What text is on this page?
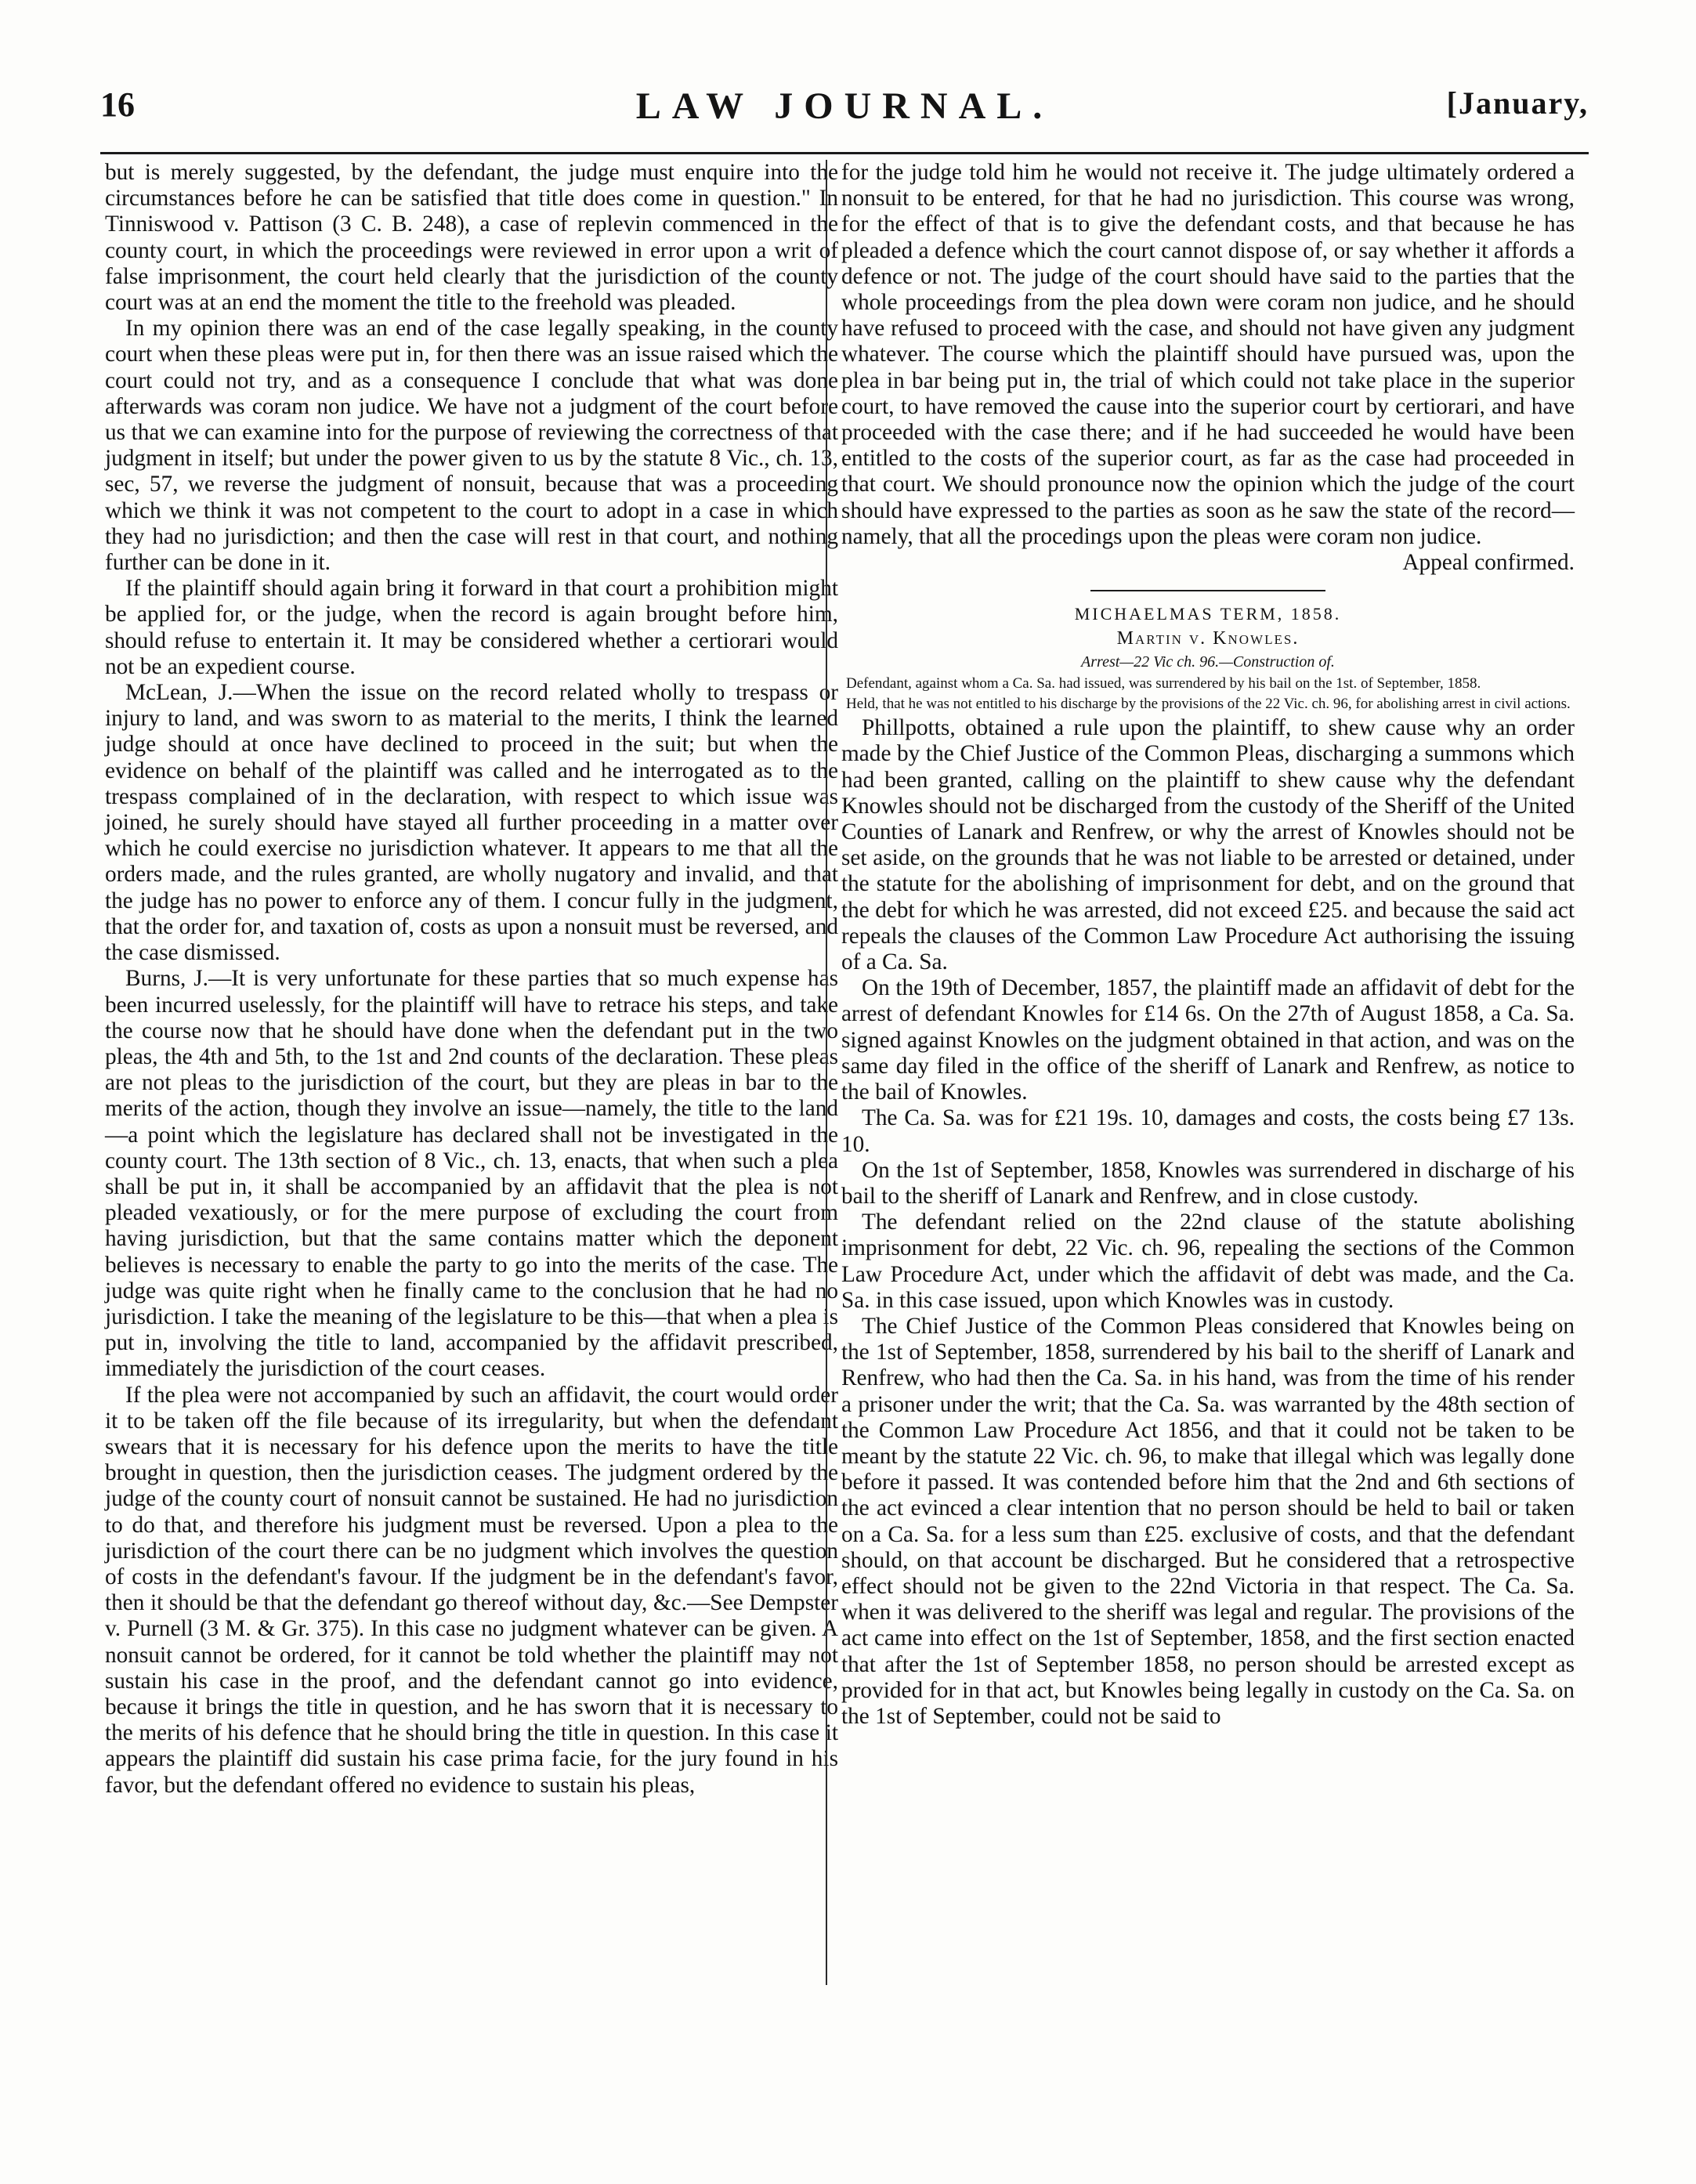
16	LAW JOURNAL.	[January,

but is merely suggested, by the defendant, the judge must enquire into the circumstances before he can be satisfied that title does come in question." In Tinniswood v. Pattison (3 C. B. 248), a case of replevin commenced in the county court, in which the proceedings were reviewed in error upon a writ of false imprisonment, the court held clearly that the jurisdiction of the county court was at an end the moment the title to the freehold was pleaded.

In my opinion there was an end of the case legally speaking, in the county court when these pleas were put in, for then there was an issue raised which the court could not try, and as a consequence I conclude that what was done afterwards was coram non judice. We have not a judgment of the court before us that we can examine into for the purpose of reviewing the correctness of that judgment in itself; but under the power given to us by the statute 8 Vic., ch. 13, sec, 57, we reverse the judgment of nonsuit, because that was a proceeding which we think it was not competent to the court to adopt in a case in which they had no jurisdiction; and then the case will rest in that court, and nothing further can be done in it.

If the plaintiff should again bring it forward in that court a prohibition might be applied for, or the judge, when the record is again brought before him, should refuse to entertain it. It may be considered whether a certiorari would not be an expedient course.

McLean, J.—When the issue on the record related wholly to trespass or injury to land, and was sworn to as material to the merits, I think the learned judge should at once have declined to proceed in the suit; but when the evidence on behalf of the plaintiff was called and he interrogated as to the trespass complained of in the declaration, with respect to which issue was joined, he surely should have stayed all further proceeding in a matter over which he could exercise no jurisdiction whatever. It appears to me that all the orders made, and the rules granted, are wholly nugatory and invalid, and that the judge has no power to enforce any of them. I concur fully in the judgment, that the order for, and taxation of, costs as upon a nonsuit must be reversed, and the case dismissed.

Burns, J.—It is very unfortunate for these parties that so much expense has been incurred uselessly, for the plaintiff will have to retrace his steps, and take the course now that he should have done when the defendant put in the two pleas, the 4th and 5th, to the 1st and 2nd counts of the declaration. These pleas are not pleas to the jurisdiction of the court, but they are pleas in bar to the merits of the action, though they involve an issue—namely, the title to the land—a point which the legislature has declared shall not be investigated in the county court. The 13th section of 8 Vic., ch. 13, enacts, that when such a plea shall be put in, it shall be accompanied by an affidavit that the plea is not pleaded vexatiously, or for the mere purpose of excluding the court from having jurisdiction, but that the same contains matter which the deponent believes is necessary to enable the party to go into the merits of the case. The judge was quite right when he finally came to the conclusion that he had no jurisdiction. I take the meaning of the legislature to be this—that when a plea is put in, involving the title to land, accompanied by the affidavit prescribed, immediately the jurisdiction of the court ceases.

If the plea were not accompanied by such an affidavit, the court would order it to be taken off the file because of its irregularity, but when the defendant swears that it is necessary for his defence upon the merits to have the title brought in question, then the jurisdiction ceases. The judgment ordered by the judge of the county court of nonsuit cannot be sustained. He had no jurisdiction to do that, and therefore his judgment must be reversed. Upon a plea to the jurisdiction of the court there can be no judgment which involves the question of costs in the defendant's favour. If the judgment be in the defendant's favor, then it should be that the defendant go thereof without day, &c.—See Dempster v. Purnell (3 M. & Gr. 375). In this case no judgment whatever can be given. A nonsuit cannot be ordered, for it cannot be told whether the plaintiff may not sustain his case in the proof, and the defendant cannot go into evidence, because it brings the title in question, and he has sworn that it is necessary to the merits of his defence that he should bring the title in question. In this case it appears the plaintiff did sustain his case prima facie, for the jury found in his favor, but the defendant offered no evidence to sustain his pleas,

for the judge told him he would not receive it. The judge ultimately ordered a nonsuit to be entered, for that he had no jurisdiction. This course was wrong, for the effect of that is to give the defendant costs, and that because he has pleaded a defence which the court cannot dispose of, or say whether it affords a defence or not. The judge of the court should have said to the parties that the whole proceedings from the plea down were coram non judice, and he should have refused to proceed with the case, and should not have given any judgment whatever. The course which the plaintiff should have pursued was, upon the plea in bar being put in, the trial of which could not take place in the superior court, to have removed the cause into the superior court by certiorari, and have proceeded with the case there; and if he had succeeded he would have been entitled to the costs of the superior court, as far as the case had proceeded in that court. We should pronounce now the opinion which the judge of the court should have expressed to the parties as soon as he saw the state of the record—namely, that all the procedings upon the pleas were coram non judice.

Appeal confirmed.

MICHAELMAS TERM, 1858.
Martin v. Knowles.
Arrest—22 Vic ch. 96.—Construction of.
Defendant, against whom a Ca. Sa. had issued, was surrendered by his bail on the 1st. of September, 1858.
Held, that he was not entitled to his discharge by the provisions of the 22 Vic. ch. 96, for abolishing arrest in civil actions.

Phillpotts, obtained a rule upon the plaintiff, to shew cause why an order made by the Chief Justice of the Common Pleas, discharging a summons which had been granted, calling on the plaintiff to shew cause why the defendant Knowles should not be discharged from the custody of the Sheriff of the United Counties of Lanark and Renfrew, or why the arrest of Knowles should not be set aside, on the grounds that he was not liable to be arrested or detained, under the statute for the abolishing of imprisonment for debt, and on the ground that the debt for which he was arrested, did not exceed £25. and because the said act repeals the clauses of the Common Law Procedure Act authorising the issuing of a Ca. Sa.

On the 19th of December, 1857, the plaintiff made an affidavit of debt for the arrest of defendant Knowles for £14 6s. On the 27th of August 1858, a Ca. Sa. signed against Knowles on the judgment obtained in that action, and was on the same day filed in the office of the sheriff of Lanark and Renfrew, as notice to the bail of Knowles.

The Ca. Sa. was for £21 19s. 10, damages and costs, the costs being £7 13s. 10.

On the 1st of September, 1858, Knowles was surrendered in discharge of his bail to the sheriff of Lanark and Renfrew, and in close custody.

The defendant relied on the 22nd clause of the statute abolishing imprisonment for debt, 22 Vic. ch. 96, repealing the sections of the Common Law Procedure Act, under which the affidavit of debt was made, and the Ca. Sa. in this case issued, upon which Knowles was in custody.

The Chief Justice of the Common Pleas considered that Knowles being on the 1st of September, 1858, surrendered by his bail to the sheriff of Lanark and Renfrew, who had then the Ca. Sa. in his hand, was from the time of his render a prisoner under the writ; that the Ca. Sa. was warranted by the 48th section of the Common Law Procedure Act 1856, and that it could not be taken to be meant by the statute 22 Vic. ch. 96, to make that illegal which was legally done before it passed. It was contended before him that the 2nd and 6th sections of the act evinced a clear intention that no person should be held to bail or taken on a Ca. Sa. for a less sum than £25. exclusive of costs, and that the defendant should, on that account be discharged. But he considered that a retrospective effect should not be given to the 22nd Victoria in that respect. The Ca. Sa. when it was delivered to the sheriff was legal and regular. The provisions of the act came into effect on the 1st of September, 1858, and the first section enacted that after the 1st of September 1858, no person should be arrested except as provided for in that act, but Knowles being legally in custody on the Ca. Sa. on the 1st of September, could not be said to
